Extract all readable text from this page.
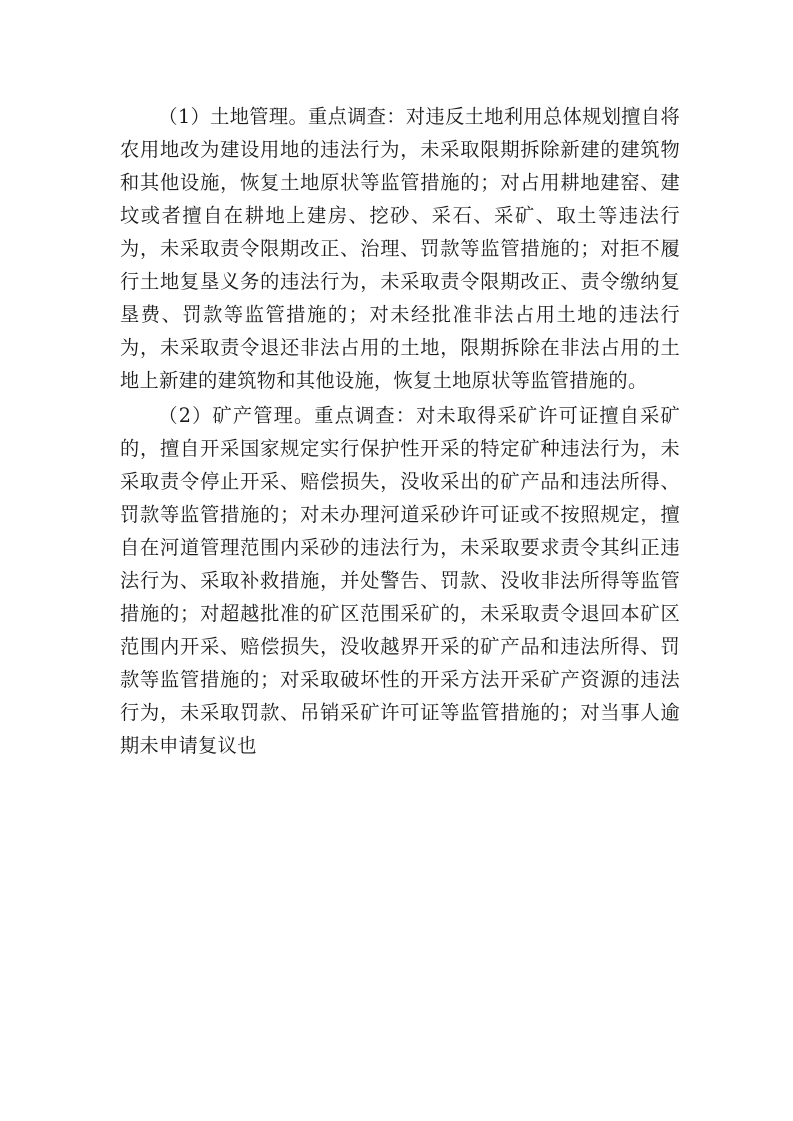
（1）土地管理。重点调查：对违反土地利用总体规划擅自将农用地改为建设用地的违法行为，未采取限期拆除新建的建筑物和其他设施，恢复土地原状等监管措施的；对占用耕地建窑、建坟或者擅自在耕地上建房、挖砂、采石、采矿、取土等违法行为，未采取责令限期改正、治理、罚款等监管措施的；对拒不履行土地复垦义务的违法行为，未采取责令限期改正、责令缴纳复垦费、罚款等监管措施的；对未经批准非法占用土地的违法行为，未采取责令退还非法占用的土地，限期拆除在非法占用的土地上新建的建筑物和其他设施，恢复土地原状等监管措施的。

（2）矿产管理。重点调查：对未取得采矿许可证擅自采矿的，擅自开采国家规定实行保护性开采的特定矿种违法行为，未采取责令停止开采、赔偿损失，没收采出的矿产品和违法所得、罚款等监管措施的；对未办理河道采砂许可证或不按照规定，擅自在河道管理范围内采砂的违法行为，未采取要求责令其纠正违法行为、采取补救措施，并处警告、罚款、没收非法所得等监管措施的；对超越批准的矿区范围采矿的，未采取责令退回本矿区范围内开采、赔偿损失，没收越界开采的矿产品和违法所得、罚款等监管措施的；对采取破坏性的开采方法开采矿产资源的违法行为，未采取罚款、吊销采矿许可证等监管措施的；对当事人逾期未申请复议也
